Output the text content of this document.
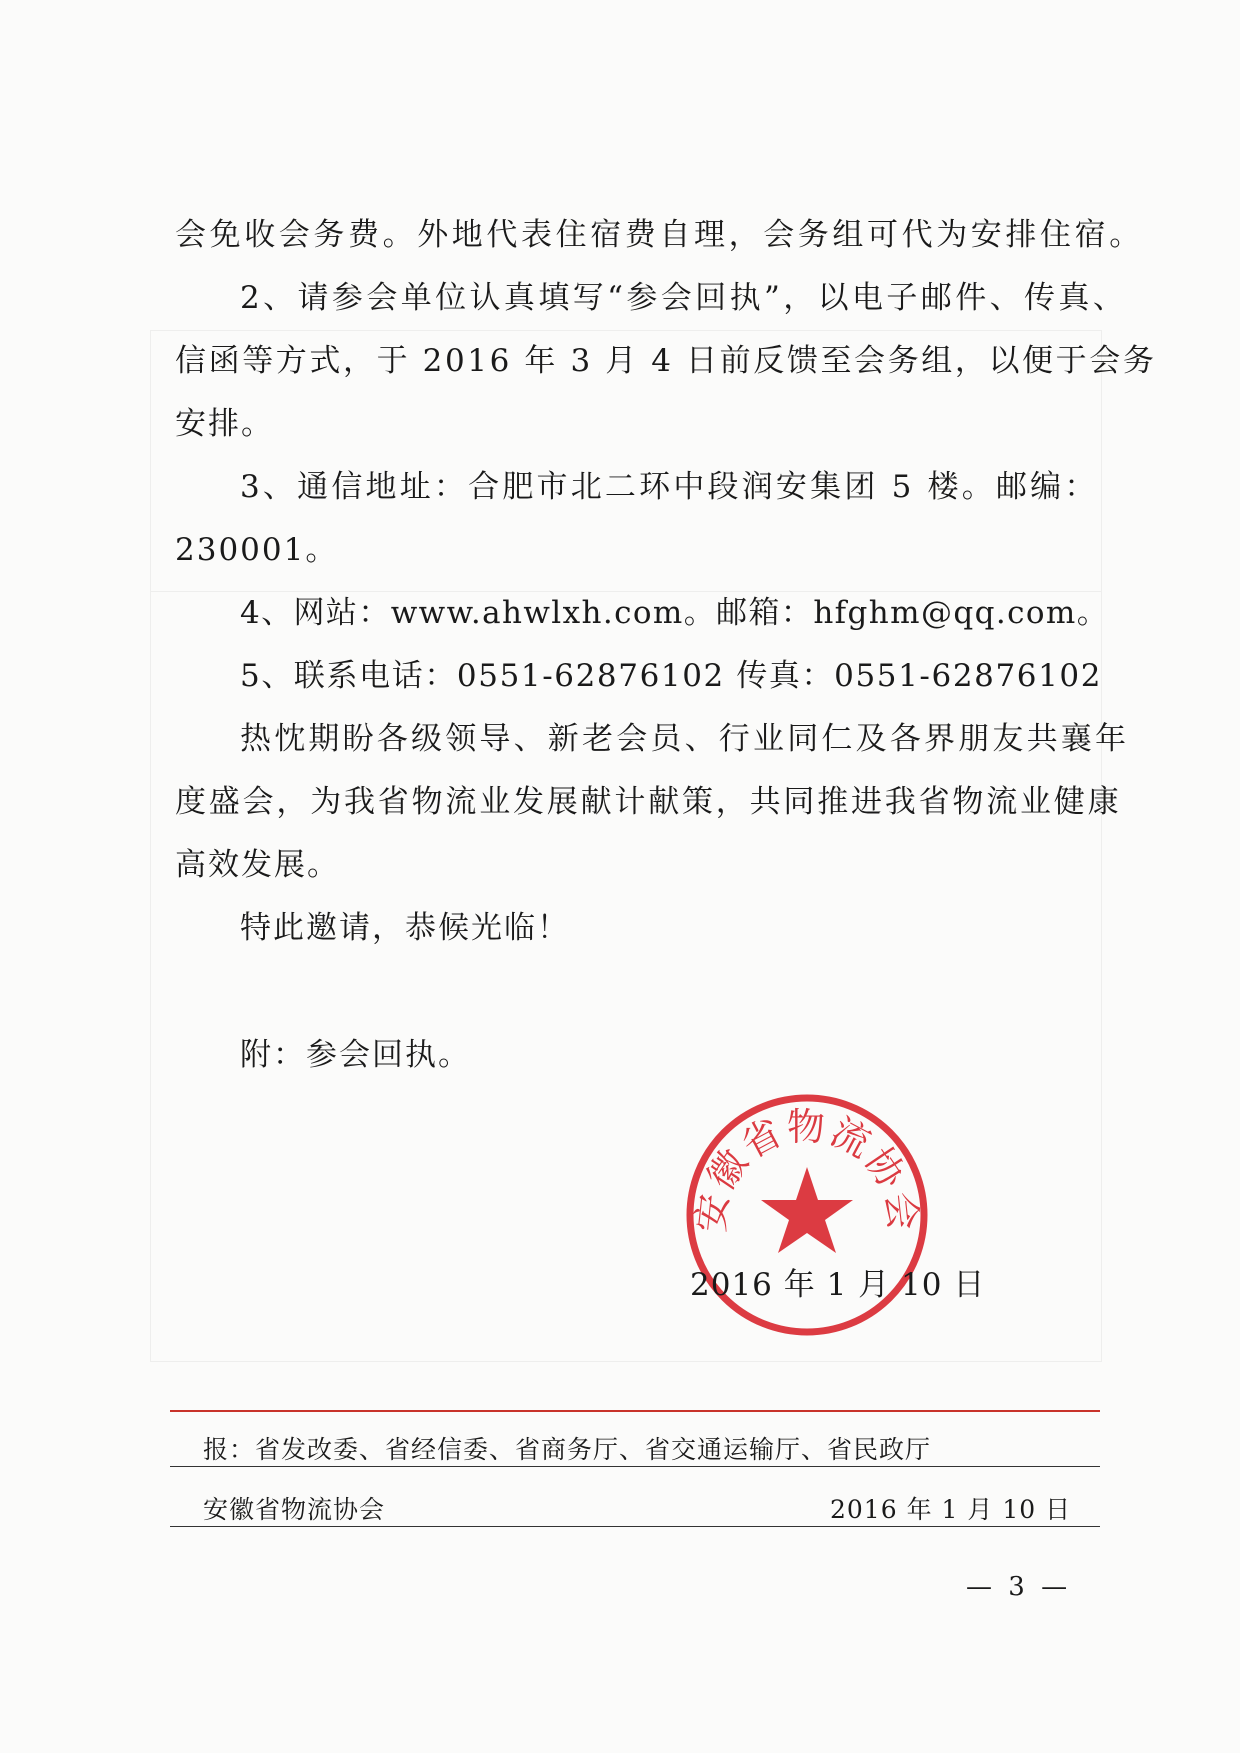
会免收会务费。外地代表住宿费自理，会务组可代为安排住宿。
2、请参会单位认真填写“参会回执”，以电子邮件、传真、
信函等方式，于 2016 年 3 月 4 日前反馈至会务组，以便于会务
安排。
3、通信地址：合肥市北二环中段润安集团 5 楼。邮编：
230001。
4、网站：www.ahwlxh.com。邮箱：hfghm@qq.com。
5、联系电话：0551-62876102 传真：0551-62876102
热忱期盼各级领导、新老会员、行业同仁及各界朋友共襄年
度盛会，为我省物流业发展献计献策，共同推进我省物流业健康
高效发展。
特此邀请，恭候光临！
附：参会回执。
安徽省物流协会
2016 年 1 月 10 日
报：省发改委、省经信委、省商务厅、省交通运输厅、省民政厅
安徽省物流协会	2016 年 1 月 10 日
— 3 —
